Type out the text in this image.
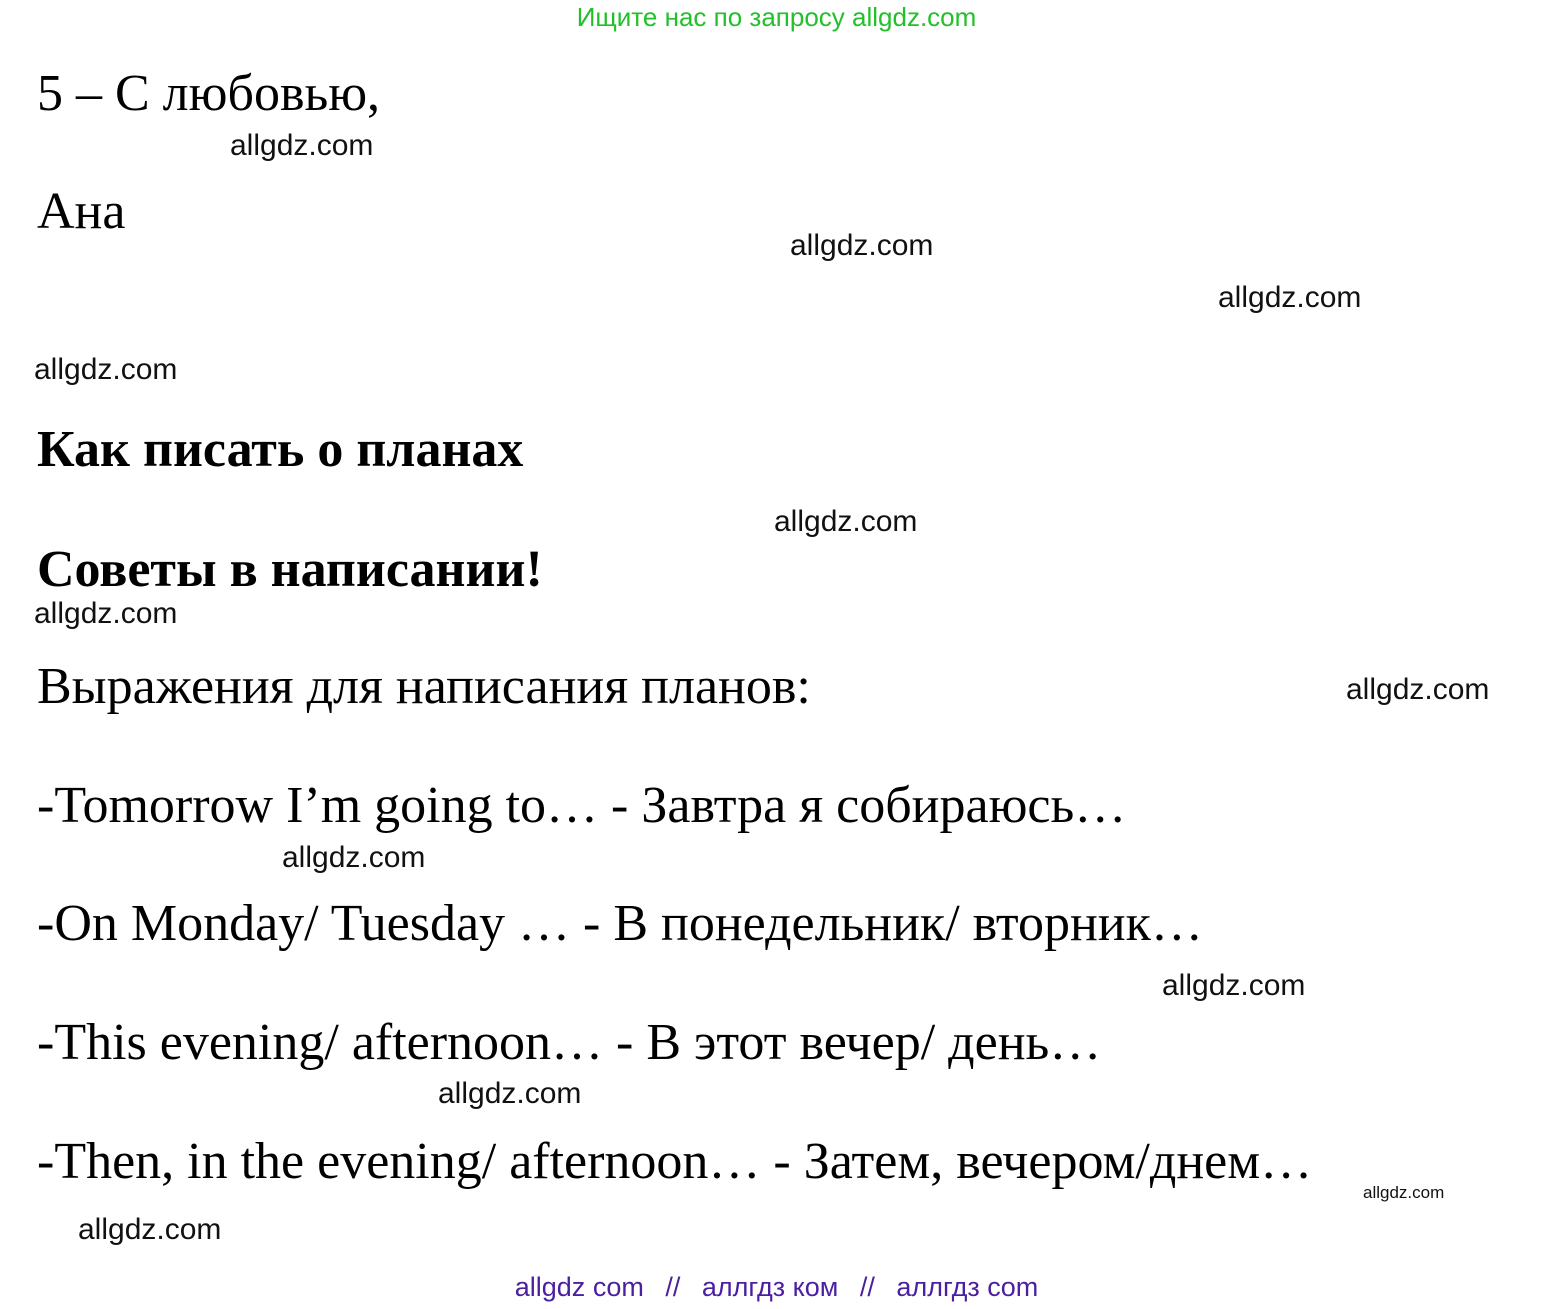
Ищите нас по запросу allgdz.com
5 – С любовью,
Ана
Как писать о планах
Советы в написании!
Выражения для написания планов:
-Tomorrow I’m going to… - Завтра я собираюсь…
-On Monday/ Tuesday … - В понедельник/ вторник…
-This evening/ afternoon… - В этот вечер/ день…
-Then, in the evening/ afternoon… - Затем, вечером/днем…
allgdz.com
allgdz.com
allgdz.com
allgdz.com
allgdz.com
allgdz.com
allgdz.com
allgdz.com
allgdz.com
allgdz.com
allgdz.com
allgdz.com
allgdz com // аллгдз ком // аллгдз com
